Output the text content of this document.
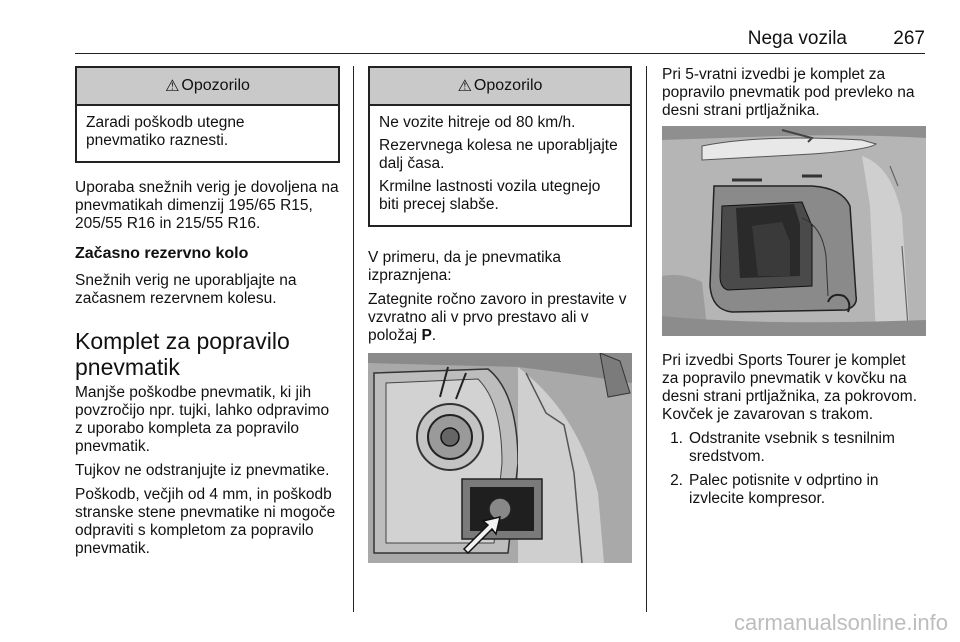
Nega vozila 267
⚠ Opozorilo

Zaradi poškodb utegne pnevmatiko raznesti.

Uporaba snežnih verig je dovoljena na pnevmatikah dimenzij 195/65 R15, 205/55 R16 in 215/55 R16.

Začasno rezervno kolo

Snežnih verig ne uporabljajte na začasnem rezervnem kolesu.

Komplet za popravilo pnevmatik

Manjše poškodbe pnevmatik, ki jih povzročijo npr. tujki, lahko odpravimo z uporabo kompleta za popravilo pnevmatik.

Tujkov ne odstranjujte iz pnevmatike.

Poškodb, večjih od 4 mm, in poškodb stranske stene pnevmatike ni mogoče odpraviti s kompletom za popravilo pnevmatik.

⚠ Opozorilo

Ne vozite hitreje od 80 km/h.

Rezervnega kolesa ne uporabljajte dalj časa.

Krmilne lastnosti vozila utegnejo biti precej slabše.

V primeru, da je pnevmatika izpraznjena:

Zategnite ročno zavoro in prestavite v vzvratno ali v prvo prestavo ali v položaj P.

Pri 5-vratni izvedbi je komplet za popravilo pnevmatik pod prevleko na desni strani prtljažnika.

Pri izvedbi Sports Tourer je komplet za popravilo pnevmatik v kovčku na desni strani prtljažnika, za pokrovom. Kovček je zavarovan s trakom.

1. Odstranite vsebnik s tesnilnim sredstvom.
2. Palec potisnite v odprtino in izvlecite kompresor.
carmanualsonline.info
